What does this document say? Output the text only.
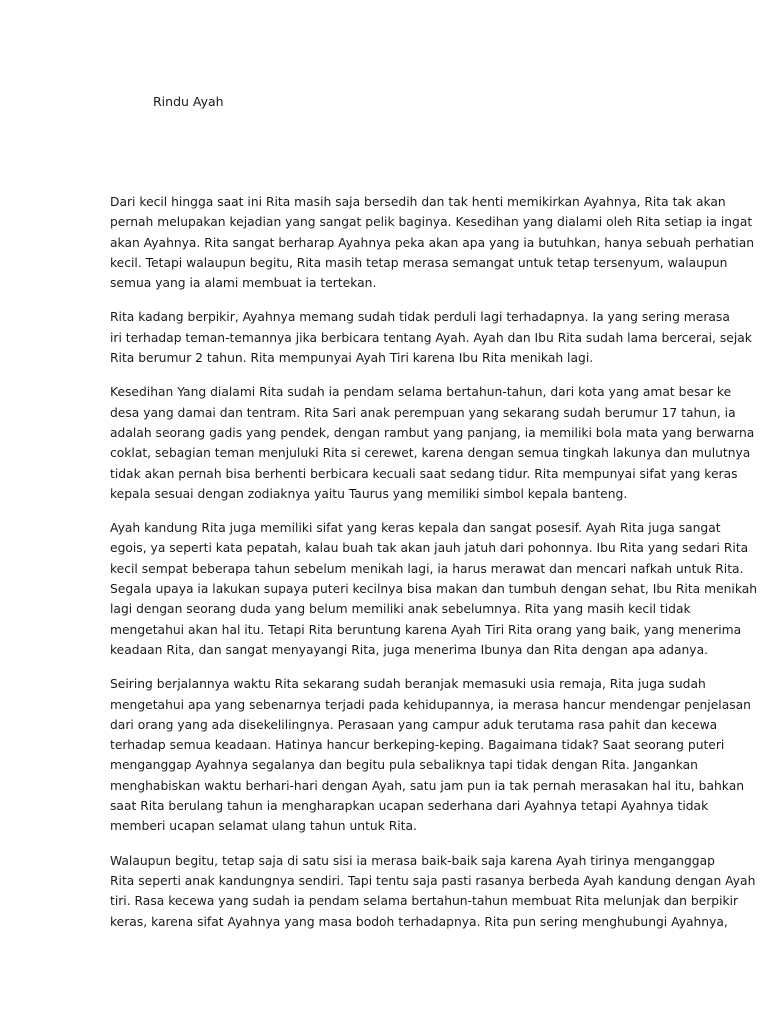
Rindu Ayah

Dari kecil hingga saat ini Rita masih saja bersedih dan tak henti memikirkan Ayahnya, Rita tak akan
pernah melupakan kejadian yang sangat pelik baginya. Kesedihan yang dialami oleh Rita setiap ia ingat
akan Ayahnya. Rita sangat berharap Ayahnya peka akan apa yang ia butuhkan, hanya sebuah perhatian
kecil. Tetapi walaupun begitu, Rita masih tetap merasa semangat untuk tetap tersenyum, walaupun
semua yang ia alami membuat ia tertekan.

Rita kadang berpikir, Ayahnya memang sudah tidak perduli lagi terhadapnya. Ia yang sering merasa
iri terhadap teman-temannya jika berbicara tentang Ayah. Ayah dan Ibu Rita sudah lama bercerai, sejak
Rita berumur 2 tahun. Rita mempunyai Ayah Tiri karena Ibu Rita menikah lagi.

Kesedihan Yang dialami Rita sudah ia pendam selama bertahun-tahun, dari kota yang amat besar ke
desa yang damai dan tentram. Rita Sari anak perempuan yang sekarang sudah berumur 17 tahun, ia
adalah seorang gadis yang pendek, dengan rambut yang panjang, ia memiliki bola mata yang berwarna
coklat, sebagian teman menjuluki Rita si cerewet, karena dengan semua tingkah lakunya dan mulutnya
tidak akan pernah bisa berhenti berbicara kecuali saat sedang tidur. Rita mempunyai sifat yang keras
kepala sesuai dengan zodiaknya yaitu Taurus yang memiliki simbol kepala banteng.

Ayah kandung Rita juga memiliki sifat yang keras kepala dan sangat posesif. Ayah Rita juga sangat
egois, ya seperti kata pepatah, kalau buah tak akan jauh jatuh dari pohonnya. Ibu Rita yang sedari Rita
kecil sempat beberapa tahun sebelum menikah lagi, ia harus merawat dan mencari nafkah untuk Rita.
Segala upaya ia lakukan supaya puteri kecilnya bisa makan dan tumbuh dengan sehat, Ibu Rita menikah
lagi dengan seorang duda yang belum memiliki anak sebelumnya. Rita yang masih kecil tidak
mengetahui akan hal itu. Tetapi Rita beruntung karena Ayah Tiri Rita orang yang baik, yang menerima
keadaan Rita, dan sangat menyayangi Rita, juga menerima Ibunya dan Rita dengan apa adanya.

Seiring berjalannya waktu Rita sekarang sudah beranjak memasuki usia remaja, Rita juga sudah
mengetahui apa yang sebenarnya terjadi pada kehidupannya, ia merasa hancur mendengar penjelasan
dari orang yang ada disekelilingnya. Perasaan yang campur aduk terutama rasa pahit dan kecewa
terhadap semua keadaan. Hatinya hancur berkeping-keping. Bagaimana tidak? Saat seorang puteri
menganggap Ayahnya segalanya dan begitu pula sebaliknya tapi tidak dengan Rita. Jangankan
menghabiskan waktu berhari-hari dengan Ayah, satu jam pun ia tak pernah merasakan hal itu, bahkan
saat Rita berulang tahun ia mengharapkan ucapan sederhana dari Ayahnya tetapi Ayahnya tidak
memberi ucapan selamat ulang tahun untuk Rita.

Walaupun begitu, tetap saja di satu sisi ia merasa baik-baik saja karena Ayah tirinya menganggap
Rita seperti anak kandungnya sendiri. Tapi tentu saja pasti rasanya berbeda Ayah kandung dengan Ayah
tiri. Rasa kecewa yang sudah ia pendam selama bertahun-tahun membuat Rita melunjak dan berpikir
keras, karena sifat Ayahnya yang masa bodoh terhadapnya. Rita pun sering menghubungi Ayahnya,
